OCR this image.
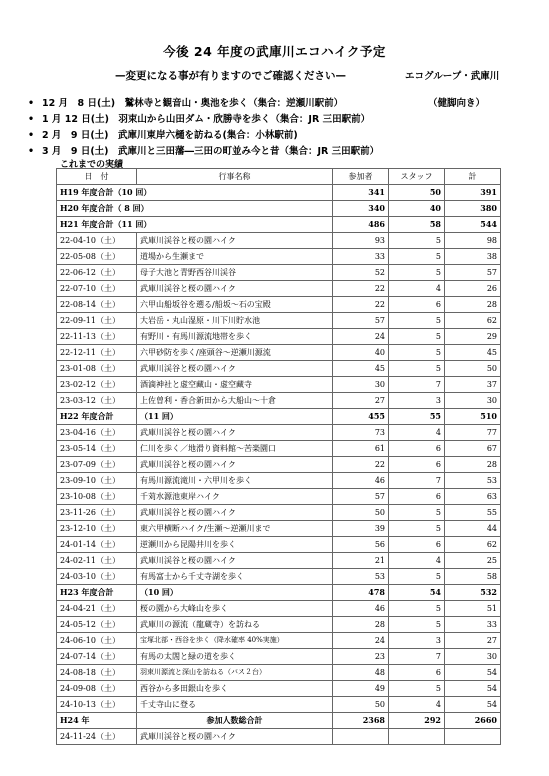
今後 24 年度の武庫川エコハイク予定
—変更になる事が有りますのでご確認ください—	エコグループ・武庫川
• 12 月　8 日(土)　鷲林寺と観音山・奥池を歩く（集合：逆瀬川駅前）	（健脚向き）
• 1 月 12 日(土)　羽束山から山田ダム・欣勝寺を歩く（集合：JR 三田駅前）
• 2 月　9 日(土)　武庫川東岸六樋を訪ねる(集合：小林駅前)
• 3 月　9 日(土)　武庫川と三田藩―三田の町並み今と昔（集合：JR 三田駅前）
これまでの実績
日　付	行事名称	参加者	スタッフ	計
H19 年度合計（10 回）		341	50	391
H20 年度合計（ 8 回）		340	40	380
H21 年度合計（11 回）		486	58	544
22-04-10（土）	武庫川渓谷と桜の園ハイク	93	5	98
22-05-08（土）	道場から生瀬まで	33	5	38
22-06-12（土）	母子大池と青野西谷川渓谷	52	5	57
22-07-10（土）	武庫川渓谷と桜の園ハイク	22	4	26
22-08-14（土）	六甲山船坂谷を遡る/船坂～石の宝殿	22	6	28
22-09-11（土）	大岩岳・丸山湿原・川下川貯水池	57	5	62
22-11-13（土）	有野川・有馬川源流地帯を歩く	24	5	29
22-12-11（土）	六甲砂防を歩く/座頭谷～逆瀬川源流	40	5	45
23-01-08（土）	武庫川渓谷と桜の園ハイク	45	5	50
23-02-12（土）	酒滴神社と虚空藏山・虚空藏寺	30	7	37
23-03-12（土）	上佐曽利・香合新田から大船山～十倉	27	3	30
H22 年度合計	（11 回）	455	55	510
23-04-16（土）	武庫川渓谷と桜の園ハイク	73	4	77
23-05-14（土）	仁川を歩く／地滑り資料館～苦楽園口	61	6	67
23-07-09（土）	武庫川渓谷と桜の園ハイク	22	6	28
23-09-10（土）	有馬川源流滝川・六甲川を歩く	46	7	53
23-10-08（土）	千苅水源池東岸ハイク	57	6	63
23-11-26（土）	武庫川渓谷と桜の園ハイク	50	5	55
23-12-10（土）	東六甲横断ハイク/生瀬～逆瀬川まで	39	5	44
24-01-14（土）	逆瀬川から昆陽井川を歩く	56	6	62
24-02-11（土）	武庫川渓谷と桜の園ハイク	21	4	25
24-03-10（土）	有馬富士から千丈寺湖を歩く	53	5	58
H23 年度合計	（10 回）	478	54	532
24-04-21（土）	桜の園から大峰山を歩く	46	5	51
24-05-12（土）	武庫川の源流（龍蔵寺）を訪ねる	28	5	33
24-06-10（土）	宝塚北部・西谷を歩く（降水確率 40%実施）	24	3	27
24-07-14（土）	有馬の太閤と緑の道を歩く	23	7	30
24-08-18（土）	羽束川源流と深山を訪ねる（バス２台）	48	6	54
24-09-08（土）	西谷から多田銀山を歩く	49	5	54
24-10-13（土）	千丈寺山に登る	50	4	54
H24 年	参加人数総合計	2368	292	2660
24-11-24（土）	武庫川渓谷と桜の園ハイク			
